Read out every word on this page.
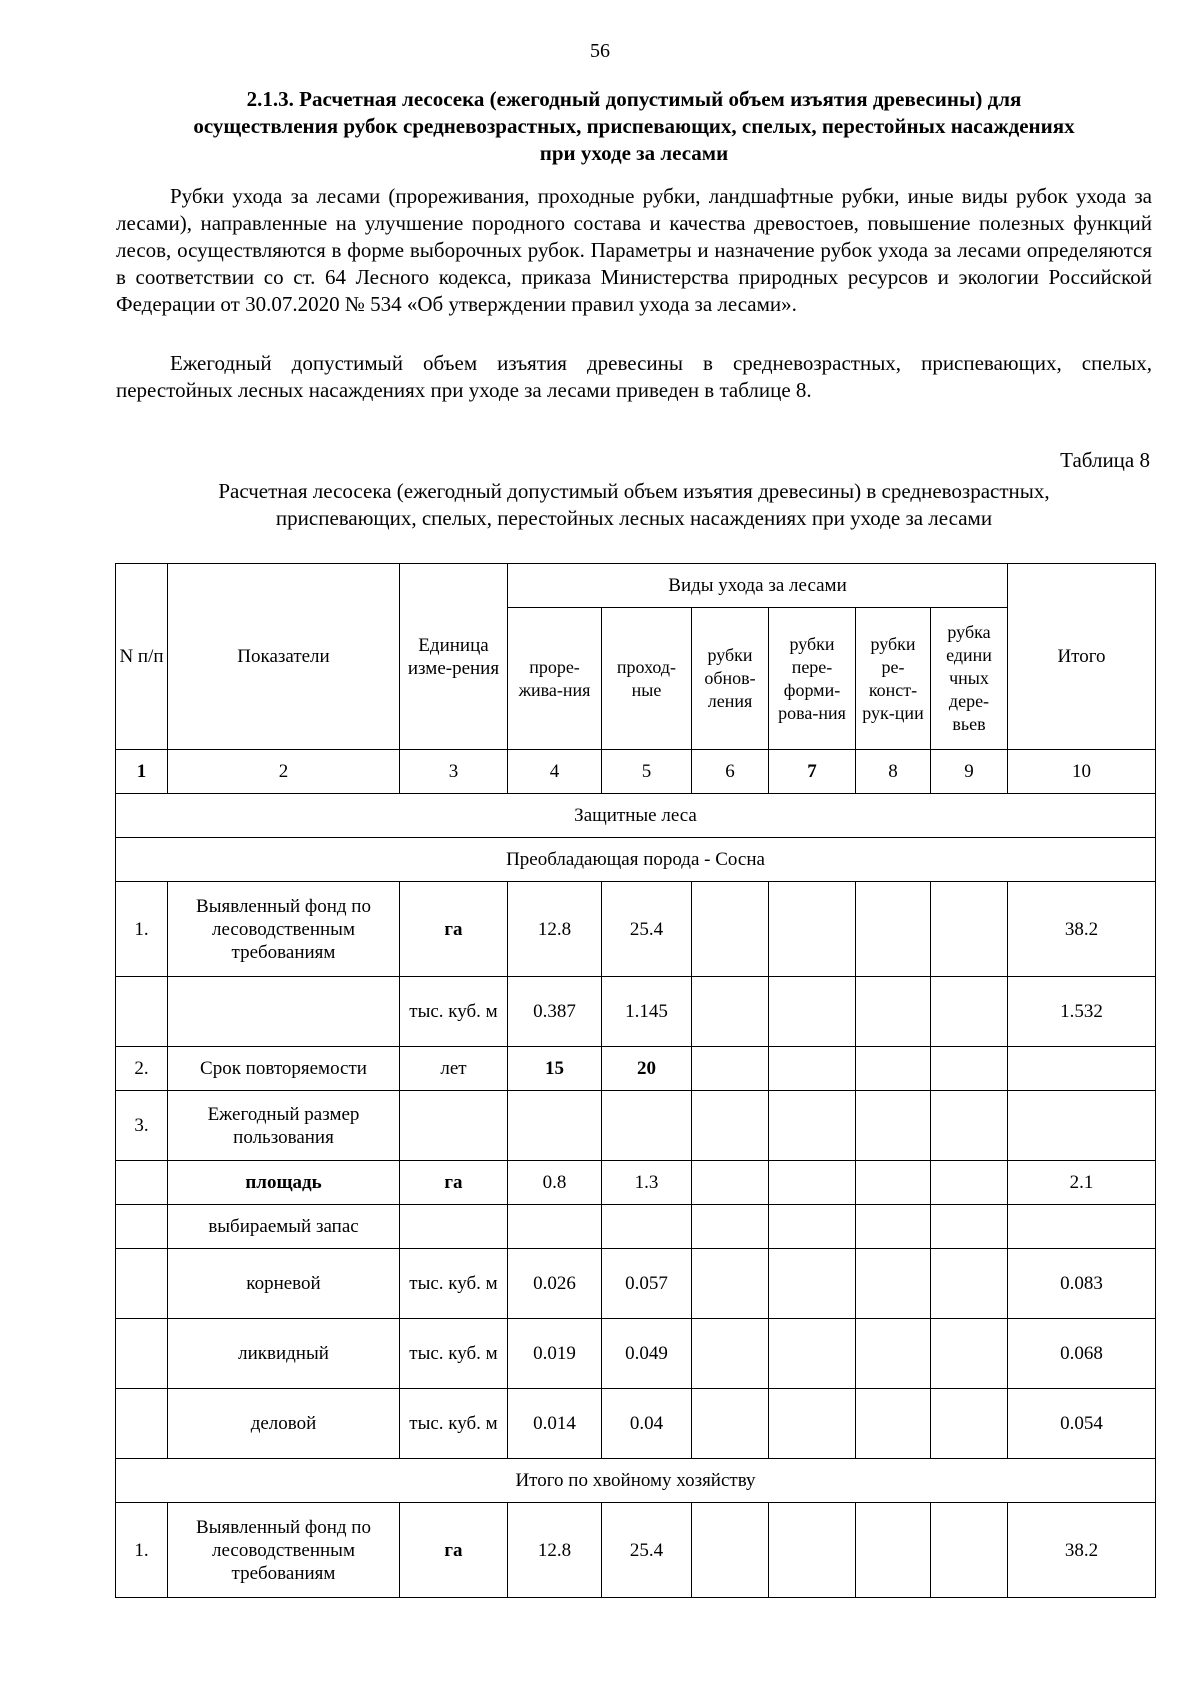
56
2.1.3. Расчетная лесосека (ежегодный допустимый объем изъятия древесины) для
осуществления рубок средневозрастных, приспевающих, спелых, перестойных насаждениях
при уходе за лесами

Рубки ухода за лесами (прореживания, проходные рубки, ландшафтные рубки, иные виды рубок ухода за лесами), направленные на улучшение породного состава и качества древостоев, повышение полезных функций лесов, осуществляются в форме выборочных рубок. Параметры и назначение рубок ухода за лесами определяются в соответствии со ст. 64 Лесного кодекса, приказа Министерства природных ресурсов и экологии Российской Федерации от 30.07.2020 № 534 «Об утверждении правил ухода за лесами».

Ежегодный допустимый объем изъятия древесины в средневозрастных, приспевающих, спелых, перестойных лесных насаждениях при уходе за лесами приведен в таблице 8.

Таблица 8
Расчетная лесосека (ежегодный допустимый объем изъятия древесины) в средневозрастных,
приспевающих, спелых, перестойных лесных насаждениях при уходе за лесами
N п/п	Показатели	Единица изме-рения	Виды ухода за лесами						Итого
			проре-жива-ния	проход-ные	рубки обнов-ления	рубки пере-форми-рова-ния	рубки ре-конст-рук-ции	рубка едини чных дере-вьев	
1	2	3	4	5	6	7	8	9	10
Защитные леса									
Преобладающая порода - Сосна									
1.	Выявленный фонд по лесоводственным требованиям	га	12.8	25.4					38.2
		тыс. куб. м	0.387	1.145					1.532
2.	Срок повторяемости	лет	15	20					
3.	Ежегодный размер пользования								
	площадь	га	0.8	1.3					2.1
	выбираемый запас								
	корневой	тыс. куб. м	0.026	0.057					0.083
	ликвидный	тыс. куб. м	0.019	0.049					0.068
	деловой	тыс. куб. м	0.014	0.04					0.054
Итого по хвойному хозяйству									
1.	Выявленный фонд по лесоводственным требованиям	га	12.8	25.4					38.2
